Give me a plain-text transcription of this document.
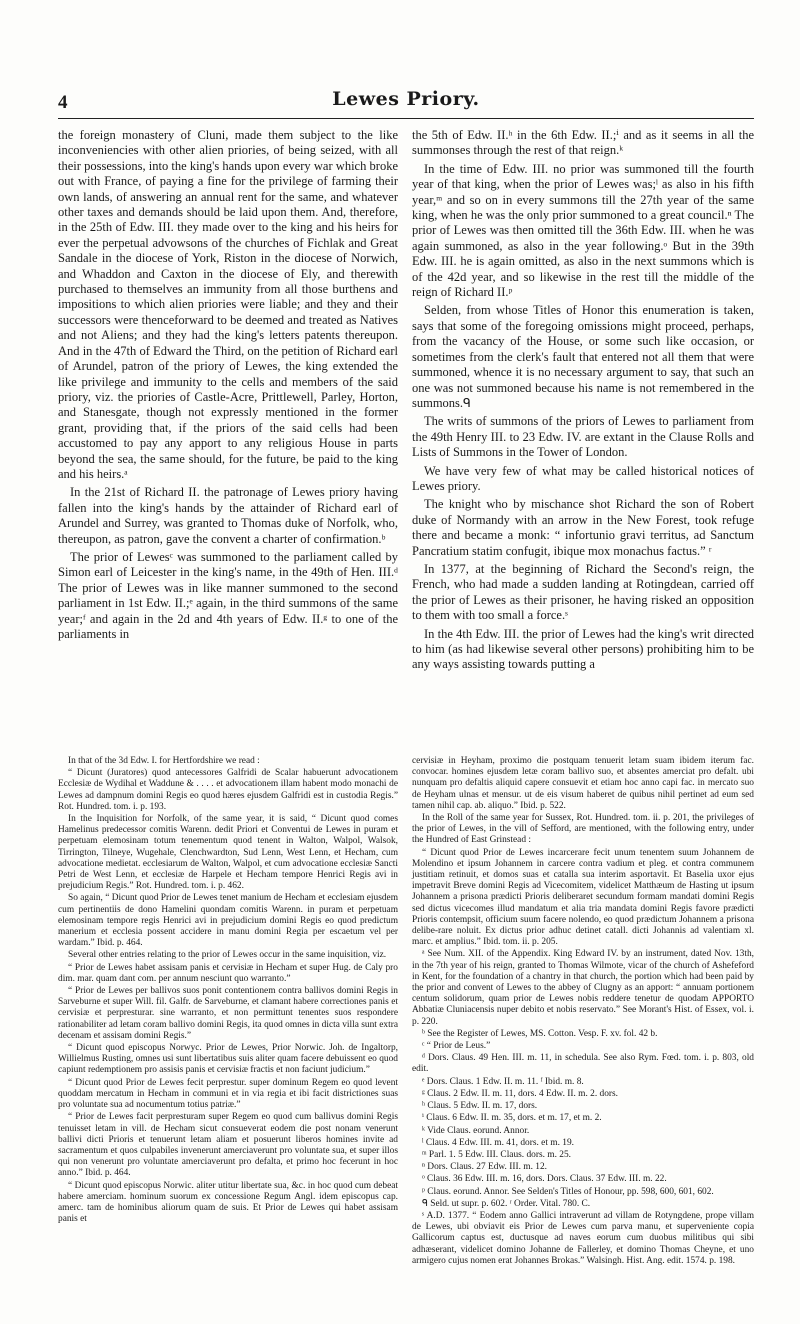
4	Lewes Priory.

the foreign monastery of Cluni, made them subject to the like inconveniencies with other alien priories, of being seized, with all their possessions, into the king's hands upon every war which broke out with France, of paying a fine for the privilege of farming their own lands, of answering an annual rent for the same, and whatever other taxes and demands should be laid upon them. And, therefore, in the 25th of Edw. III. they made over to the king and his heirs for ever the perpetual advowsons of the churches of Fichlak and Great Sandale in the diocese of York, Riston in the diocese of Norwich, and Whaddon and Caxton in the diocese of Ely, and therewith purchased to themselves an immunity from all those burthens and impositions to which alien priories were liable; and they and their successors were thenceforward to be deemed and treated as Natives and not Aliens; and they had the king's letters patents thereupon. And in the 47th of Edward the Third, on the petition of Richard earl of Arundel, patron of the priory of Lewes, the king extended the like privilege and immunity to the cells and members of the said priory, viz. the priories of Castle-Acre, Prittlewell, Parley, Horton, and Stanesgate, though not expressly mentioned in the former grant, providing that, if the priors of the said cells had been accustomed to pay any apport to any religious House in parts beyond the sea, the same should, for the future, be paid to the king and his heirs.ᵃ

In the 21st of Richard II. the patronage of Lewes priory having fallen into the king's hands by the attainder of Richard earl of Arundel and Surrey, was granted to Thomas duke of Norfolk, who, thereupon, as patron, gave the convent a charter of confirmation.ᵇ

The prior of Lewesᶜ was summoned to the parliament called by Simon earl of Leicester in the king's name, in the 49th of Hen. III.ᵈ The prior of Lewes was in like manner summoned to the second parliament in 1st Edw. II.;ᵉ again, in the third summons of the same year;ᶠ and again in the 2d and 4th years of Edw. II.ᵍ to one of the parliaments in

the 5th of Edw. II.ʰ in the 6th Edw. II.;ⁱ and as it seems in all the summonses through the rest of that reign.ᵏ

In the time of Edw. III. no prior was summoned till the fourth year of that king, when the prior of Lewes was;ˡ as also in his fifth year,ᵐ and so on in every summons till the 27th year of the same king, when he was the only prior summoned to a great council.ⁿ The prior of Lewes was then omitted till the 36th Edw. III. when he was again summoned, as also in the year following.ᵒ But in the 39th Edw. III. he is again omitted, as also in the next summons which is of the 42d year, and so likewise in the rest till the middle of the reign of Richard II.ᵖ

Selden, from whose Titles of Honor this enumeration is taken, says that some of the foregoing omissions might proceed, perhaps, from the vacancy of the House, or some such like occasion, or sometimes from the clerk's fault that entered not all them that were summoned, whence it is no necessary argument to say, that such an one was not summoned because his name is not remembered in the summons.ᑫ

The writs of summons of the priors of Lewes to parliament from the 49th Henry III. to 23 Edw. IV. are extant in the Clause Rolls and Lists of Summons in the Tower of London.

We have very few of what may be called historical notices of Lewes priory.

The knight who by mischance shot Richard the son of Robert duke of Normandy with an arrow in the New Forest, took refuge there and became a monk: “ infortunio gravi territus, ad Sanctum Pancratium statim confugit, ibique mox monachus factus.” ʳ

In 1377, at the beginning of Richard the Second's reign, the French, who had made a sudden landing at Rotingdean, carried off the prior of Lewes as their prisoner, he having risked an opposition to them with too small a force.ˢ

In the 4th Edw. III. the prior of Lewes had the king's writ directed to him (as had likewise several other persons) prohibiting him to be any ways assisting towards putting a

In that of the 3d Edw. I. for Hertfordshire we read :

“ Dicunt (Juratores) quod antecessores Galfridi de Scalar habuerunt advocationem Ecclesiæ de Wydihal et Waddune & . . . . et advocationem illam habent modo monachi de Lewes ad dampnum domini Regis eo quod hæres ejusdem Galfridi est in custodia Regis.” Rot. Hundred. tom. i. p. 193.

In the Inquisition for Norfolk, of the same year, it is said, “ Dicunt quod comes Hamelinus predecessor comitis Warenn. dedit Priori et Conventui de Lewes in puram et perpetuam elemosinam totum tenementum quod tenent in Walton, Walpol, Walsok, Tirrington, Tilneye, Wugehale, Clenchwardton, Sud Lenn, West Lenn, et Hecham, cum advocatione medietat. ecclesiarum de Walton, Walpol, et cum advocatione ecclesiæ Sancti Petri de West Lenn, et ecclesiæ de Harpele et Hecham tempore Henrici Regis avi in prejudicium Regis.” Rot. Hundred. tom. i. p. 462.

So again, “ Dicunt quod Prior de Lewes tenet manium de Hecham et ecclesiam ejusdem cum pertinentiis de dono Hamelini quondam comitis Warenn. in puram et perpetuam elemosinam tempore regis Henrici avi in prejudicium domini Regis eo quod predictum manerium et ecclesia possent accidere in manu domini Regia per escaetum vel per wardam.” Ibid. p. 464.

Several other entries relating to the prior of Lewes occur in the same inquisition, viz.

“ Prior de Lewes habet assisam panis et cervisiæ in Hecham et super Hug. de Caly pro dim. mar. quam dant com. per annum nesciunt quo warranto.”

“ Prior de Lewes per ballivos suos ponit contentionem contra ballivos domini Regis in Sarveburne et super Will. fil. Galfr. de Sarveburne, et clamant habere correctiones panis et cervisiæ et perpresturar. sine warranto, et non permittunt tenentes suos respondere rationabiliter ad letam coram ballivo domini Regis, ita quod omnes in dicta villa sunt extra decenam et assisam domini Regis.”

“ Dicunt quod episcopus Norwyc. Prior de Lewes, Prior Norwic. Joh. de Ingaltorp, Willielmus Rusting, omnes usi sunt libertatibus suis aliter quam facere debuissent eo quod capiunt redemptionem pro assisis panis et cervisiæ fractis et non faciunt judicium.”

“ Dicunt quod Prior de Lewes fecit perprestur. super dominum Regem eo quod levent quoddam mercatum in Hecham in communi et in via regia et ibi facit districtiones suas pro voluntate sua ad nocumentum totius patriæ.”

“ Prior de Lewes facit perpresturam super Regem eo quod cum ballivus domini Regis tenuisset letam in vill. de Hecham sicut consueverat eodem die post nonam venerunt ballivi dicti Prioris et tenuerunt letam aliam et posuerunt liberos homines invite ad sacramentum et quos culpabiles invenerunt amerciaverunt pro voluntate sua, et super illos qui non venerunt pro voluntate amerciaverunt pro defalta, et primo hoc fecerunt in hoc anno.” Ibid. p. 464.

“ Dicunt quod episcopus Norwic. aliter utitur libertate sua, &c. in hoc quod cum debeat habere amerciam. hominum suorum ex concessione Regum Angl. idem episcopus cap. amerc. tam de hominibus aliorum quam de suis. Et Prior de Lewes qui habet assisam panis et

cervisiæ in Heyham, proximo die postquam tenuerit letam suam ibidem iterum fac. convocar. homines ejusdem letæ coram ballivo suo, et absentes amerciat pro defalt. ubi nunquam pro defaltis aliquid capere consuevit et etiam hoc anno capi fac. in mercato suo de Heyham ulnas et mensur. ut de eis visum haberet de quibus nihil pertinet ad eum sed tamen nihil cap. ab. aliquo.” Ibid. p. 522.

In the Roll of the same year for Sussex, Rot. Hundred. tom. ii. p. 201, the privileges of the prior of Lewes, in the vill of Sefford, are mentioned, with the following entry, under the Hundred of East Grinstead :

“ Dicunt quod Prior de Lewes incarcerare fecit unum tenentem suum Johannem de Molendino et ipsum Johannem in carcere contra vadium et pleg. et contra communem justitiam retinuit, et domos suas et catalla sua interim asportavit. Et Baselia uxor ejus impetravit Breve domini Regis ad Vicecomitem, videlicet Matthæum de Hasting ut ipsum Johannem a prisona prædicti Prioris deliberaret secundum formam mandati domini Regis sed dictus vicecomes illud mandatum et alia tria mandata domini Regis favore prædicti Prioris contempsit, officium suum facere nolendo, eo quod prædictum Johannem a prisona delibe-rare noluit. Ex dictus prior adhuc detinet catall. dicti Johannis ad valentiam xl. marc. et amplius.” Ibid. tom. ii. p. 205.

ᵃ See Num. XII. of the Appendix. King Edward IV. by an instrument, dated Nov. 13th, in the 7th year of his reign, granted to Thomas Wilmote, vicar of the church of Ashefeford in Kent, for the foundation of a chantry in that church, the portion which had been paid by the prior and convent of Lewes to the abbey of Clugny as an apport: “ annuam portionem centum solidorum, quam prior de Lewes nobis reddere tenetur de quodam APPORTO Abbatiæ Cluniacensis nuper debito et nobis reservato.” See Morant's Hist. of Essex, vol. i. p. 220.

ᵇ See the Register of Lewes, MS. Cotton. Vesp. F. xv. fol. 42 b.

ᶜ “ Prior de Leus.”

ᵈ Dors. Claus. 49 Hen. III. m. 11, in schedula. See also Rym. Fœd. tom. i. p. 803, old edit.

ᵉ Dors. Claus. 1 Edw. II. m. 11. ᶠ Ibid. m. 8.

ᵍ Claus. 2 Edw. II. m. 11, dors. 4 Edw. II. m. 2. dors.

ʰ Claus. 5 Edw. II. m. 17, dors.

ⁱ Claus. 6 Edw. II. m. 35, dors. et m. 17, et m. 2.

ᵏ Vide Claus. eorund. Annor.

ˡ Claus. 4 Edw. III. m. 41, dors. et m. 19.

ᵐ Parl. 1. 5 Edw. III. Claus. dors. m. 25.

ⁿ Dors. Claus. 27 Edw. III. m. 12.

ᵒ Claus. 36 Edw. III. m. 16, dors. Dors. Claus. 37 Edw. III. m. 22.

ᵖ Claus. eorund. Annor. See Selden's Titles of Honour, pp. 598, 600, 601, 602.

ᑫ Seld. ut supr. p. 602. ʳ Order. Vital. 780. C.

ˢ A.D. 1377. “ Eodem anno Gallici intraverunt ad villam de Rotyngdene, prope villam de Lewes, ubi obviavit eis Prior de Lewes cum parva manu, et superveniente copia Gallicorum captus est, ductusque ad naves eorum cum duobus militibus qui sibi adhæserant, videlicet domino Johanne de Fallerley, et domino Thomas Cheyne, et uno armigero cujus nomen erat Johannes Brokas.” Walsingh. Hist. Ang. edit. 1574. p. 198.
